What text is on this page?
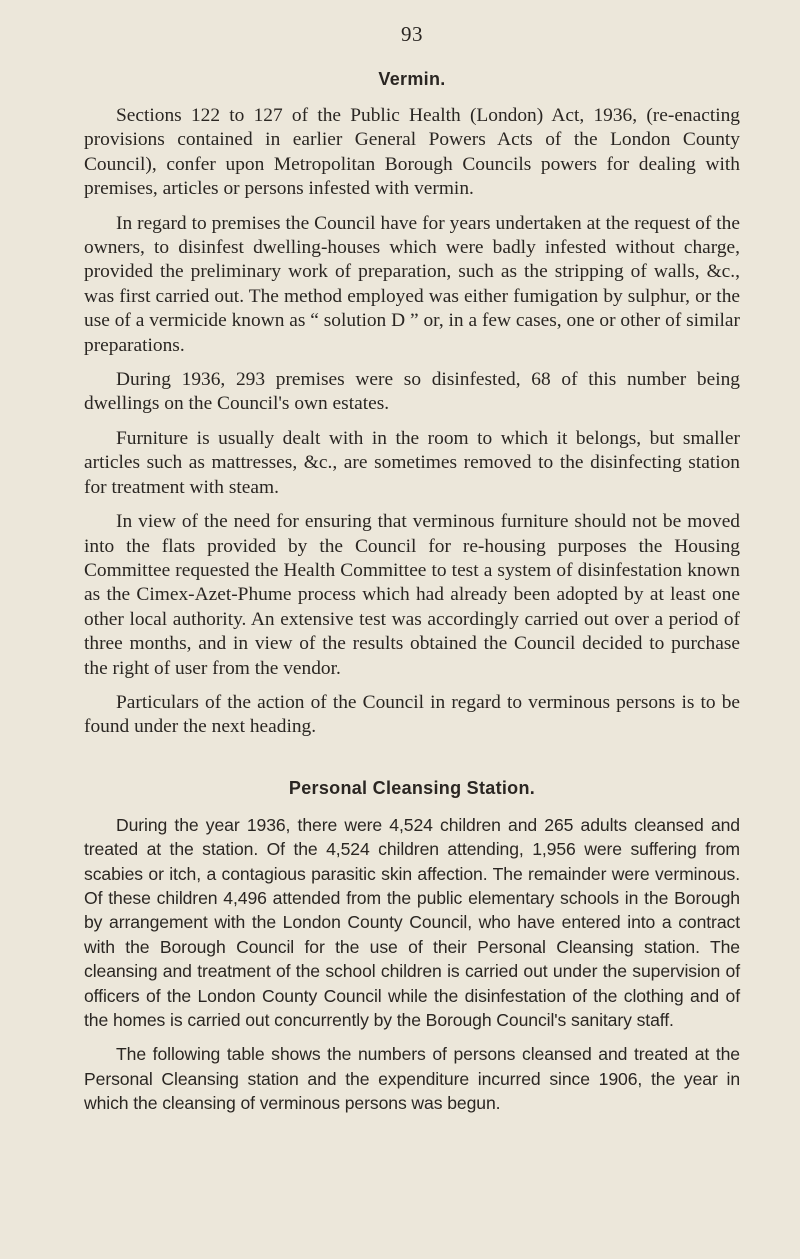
93
Vermin.

Sections 122 to 127 of the Public Health (London) Act, 1936, (re-enacting provisions contained in earlier General Powers Acts of the London County Council), confer upon Metropolitan Borough Councils powers for dealing with premises, articles or persons infested with vermin.

In regard to premises the Council have for years undertaken at the request of the owners, to disinfest dwelling-houses which were badly infested without charge, provided the preliminary work of preparation, such as the stripping of walls, &c., was first carried out. The method employed was either fumigation by sulphur, or the use of a vermicide known as “ solution D ” or, in a few cases, one or other of similar preparations.

During 1936, 293 premises were so disinfested, 68 of this number being dwellings on the Council's own estates.

Furniture is usually dealt with in the room to which it belongs, but smaller articles such as mattresses, &c., are sometimes removed to the disinfecting station for treatment with steam.

In view of the need for ensuring that verminous furniture should not be moved into the flats provided by the Council for re-housing purposes the Housing Committee requested the Health Committee to test a system of disinfestation known as the Cimex-Azet-Phume process which had already been adopted by at least one other local authority. An extensive test was accordingly carried out over a period of three months, and in view of the results obtained the Council decided to purchase the right of user from the vendor.

Particulars of the action of the Council in regard to verminous persons is to be found under the next heading.

Personal Cleansing Station.

During the year 1936, there were 4,524 children and 265 adults cleansed and treated at the station. Of the 4,524 children attending, 1,956 were suffering from scabies or itch, a contagious parasitic skin affection. The remainder were verminous. Of these children 4,496 attended from the public elementary schools in the Borough by arrangement with the London County Council, who have entered into a contract with the Borough Council for the use of their Personal Cleansing station. The cleansing and treatment of the school children is carried out under the supervision of officers of the London County Council while the disinfestation of the clothing and of the homes is carried out concurrently by the Borough Council's sanitary staff.

The following table shows the numbers of persons cleansed and treated at the Personal Cleansing station and the expenditure incurred since 1906, the year in which the cleansing of verminous persons was begun.
